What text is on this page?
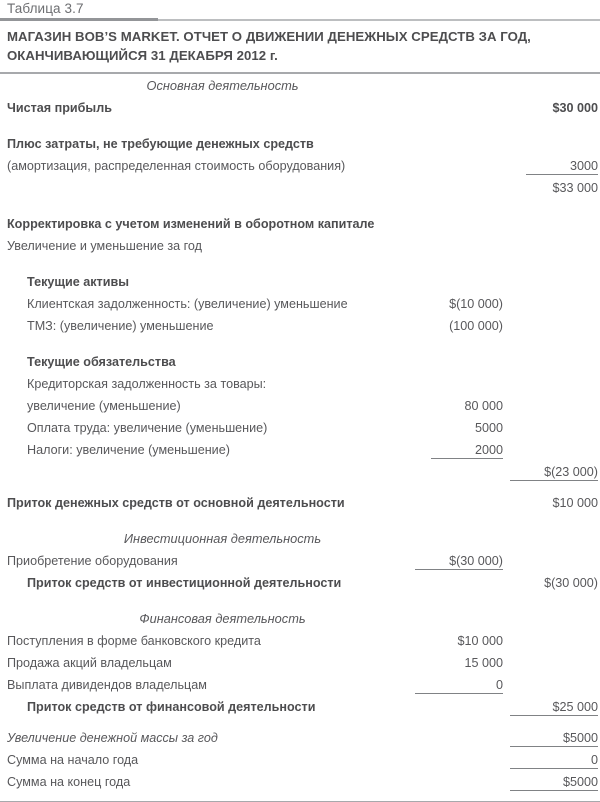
Таблица 3.7
МАГАЗИН BOB’S MARKET. ОТЧЕТ О ДВИЖЕНИИ ДЕНЕЖНЫХ СРЕДСТВ ЗА ГОД, ОКАНЧИВАЮЩИЙСЯ 31 ДЕКАБРЯ 2012 г.
Основная деятельность
Чистая прибыль	$30 000
Плюс затраты, не требующие денежных средств
(амортизация, распределенная стоимость оборудования)	3000
$33 000
Корректировка с учетом изменений в оборотном капитале
Увеличение и уменьшение за год
Текущие активы
Клиентская задолженность: (увеличение) уменьшение	$(10 000)
ТМЗ: (увеличение) уменьшение	(100 000)
Текущие обязательства
Кредиторская задолженность за товары:
увеличение (уменьшение)	80 000
Оплата труда: увеличение (уменьшение)	5000
Налоги: увеличение (уменьшение)	2000
$(23 000)
Приток денежных средств от основной деятельности	$10 000
Инвестиционная деятельность
Приобретение оборудования	$(30 000)
Приток средств от инвестиционной деятельности	$(30 000)
Финансовая деятельность
Поступления в форме банковского кредита	$10 000
Продажа акций владельцам	15 000
Выплата дивидендов владельцам	0
Приток средств от финансовой деятельности	$25 000
Увеличение денежной массы за год	$5000
Сумма на начало года	0
Сумма на конец года	$5000
